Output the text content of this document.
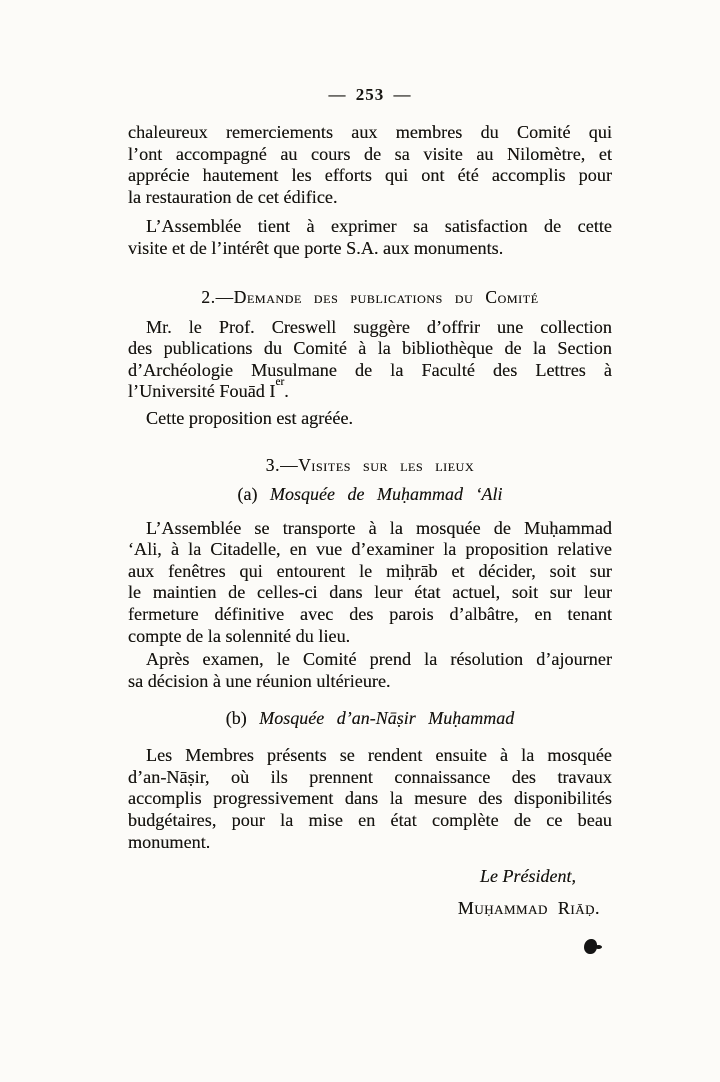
— 253 —

chaleureux remerciements aux membres du Comité qui
l’ont accompagné au cours de sa visite au Nilomètre, et
apprécie hautement les efforts qui ont été accomplis pour
la restauration de cet édifice.

L’Assemblée tient à exprimer sa satisfaction de cette
visite et de l’intérêt que porte S.A. aux monuments.

2.—Demande des publications du Comité

Mr. le Prof. Creswell suggère d’offrir une collection
des publications du Comité à la bibliothèque de la Section
d’Archéologie Musulmane de la Faculté des Lettres à
l’Université Fouād Ier.

Cette proposition est agréée.

3.—Visites sur les lieux
(a) Mosquée de Muḥammad ‘Ali

L’Assemblée se transporte à la mosquée de Muḥammad
‘Ali, à la Citadelle, en vue d’examiner la proposition relative
aux fenêtres qui entourent le miḥrāb et décider, soit sur
le maintien de celles-ci dans leur état actuel, soit sur leur
fermeture définitive avec des parois d’albâtre, en tenant
compte de la solennité du lieu.

Après examen, le Comité prend la résolution d’ajourner
sa décision à une réunion ultérieure.

(b) Mosquée d’an-Nāṣir Muḥammad

Les Membres présents se rendent ensuite à la mosquée
d’an-Nāṣir, où ils prennent connaissance des travaux
accomplis progressivement dans la mesure des disponibilités
budgétaires, pour la mise en état complète de ce beau
monument.

Le Président,
Muḥammad Riāḍ.
